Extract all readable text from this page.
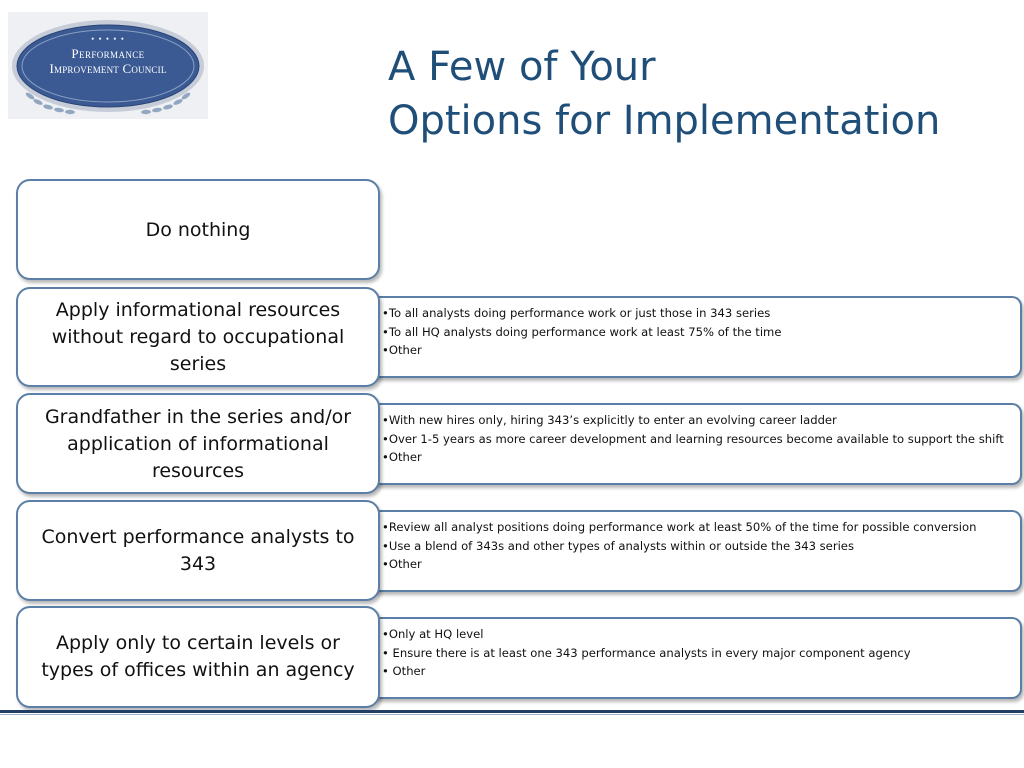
• • • • •
Performance
Improvement Council	A Few of Your
Options for Implementation
•To all analysts doing performance work or just those in 343 series
•To all HQ analysts doing performance work at least 75% of the time
•Other
•With new hires only, hiring 343’s explicitly to enter an evolving career ladder
•Over 1-5 years as more career development and learning resources become available to support the shift
•Other
•Review all analyst positions doing performance work at least 50% of the time for possible conversion
•Use a blend of 343s and other types of analysts within or outside the 343 series
•Other
•Only at HQ level
• Ensure there is at least one 343 performance analysts in every major component agency
• Other
Do nothing
Apply informational resources without regard to occupational series
Grandfather in the series and/or application of informational resources
Convert performance analysts to 343
Apply only to certain levels or types of offices within an agency
